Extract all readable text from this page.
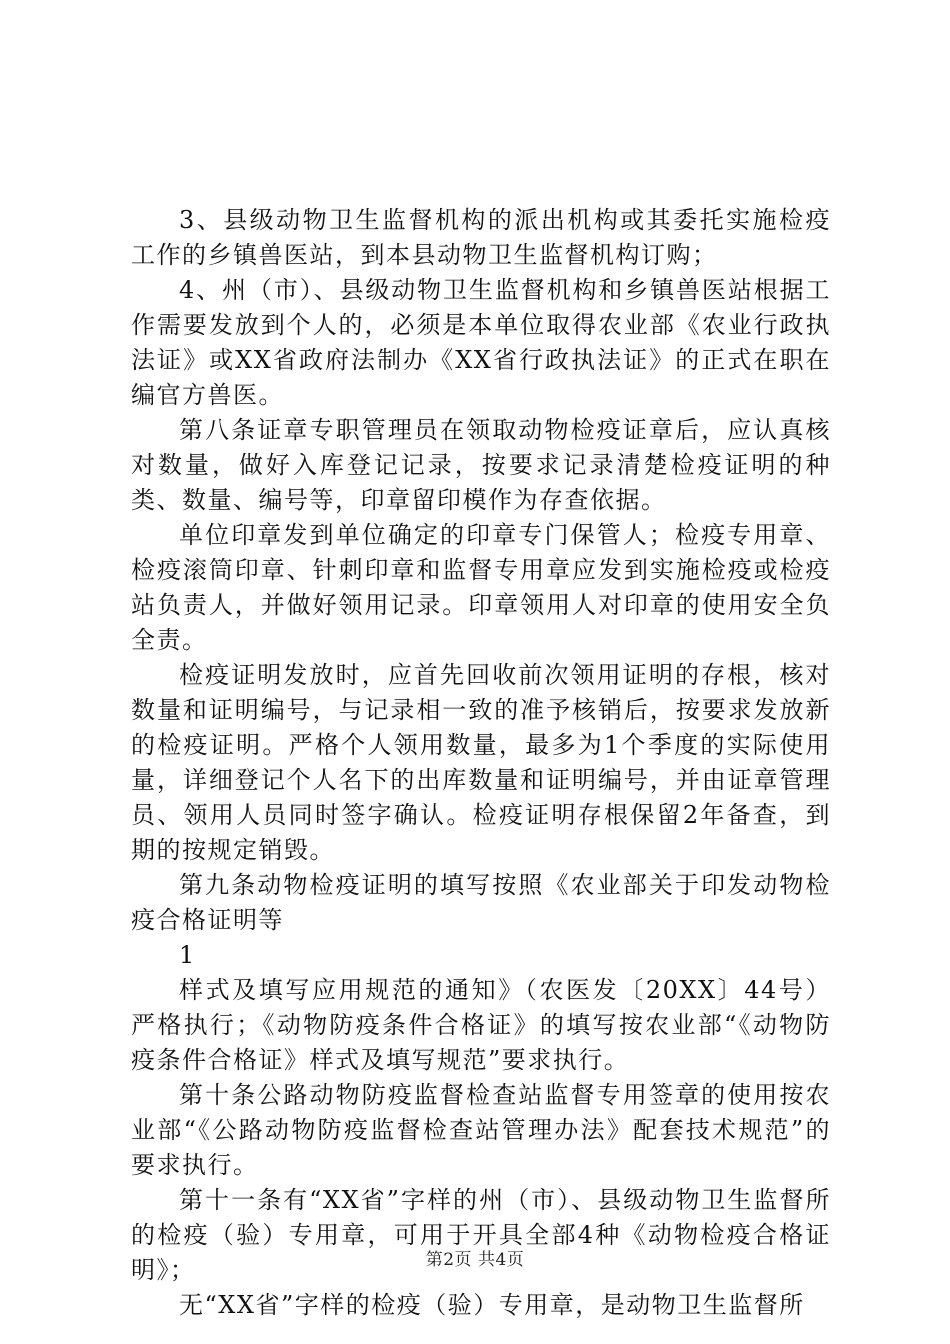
3、县级动物卫生监督机构的派出机构或其委托实施检疫工作的乡镇兽医站，到本县动物卫生监督机构订购；

4、州（市）、县级动物卫生监督机构和乡镇兽医站根据工作需要发放到个人的，必须是本单位取得农业部《农业行政执法证》或XX省政府法制办《XX省行政执法证》的正式在职在编官方兽医。

第八条证章专职管理员在领取动物检疫证章后，应认真核对数量，做好入库登记记录，按要求记录清楚检疫证明的种类、数量、编号等，印章留印模作为存查依据。

单位印章发到单位确定的印章专门保管人；检疫专用章、检疫滚筒印章、针刺印章和监督专用章应发到实施检疫或检疫站负责人，并做好领用记录。印章领用人对印章的使用安全负全责。

检疫证明发放时，应首先回收前次领用证明的存根，核对数量和证明编号，与记录相一致的准予核销后，按要求发放新的检疫证明。严格个人领用数量，最多为1个季度的实际使用量，详细登记个人名下的出库数量和证明编号，并由证章管理员、领用人员同时签字确认。检疫证明存根保留2年备查，到期的按规定销毁。

第九条动物检疫证明的填写按照《农业部关于印发动物检疫合格证明等

1

样式及填写应用规范的通知》（农医发〔20XX〕44号）严格执行；《动物防疫条件合格证》的填写按农业部“《动物防疫条件合格证》样式及填写规范”要求执行。

第十条公路动物防疫监督检查站监督专用签章的使用按农业部“《公路动物防疫监督检查站管理办法》配套技术规范”的要求执行。

第十一条有“XX省”字样的州（市）、县级动物卫生监督所的检疫（验）专用章，可用于开具全部4种《动物检疫合格证明》；

无“XX省”字样的检疫（验）专用章，是动物卫生监督所

第2页 共4页
